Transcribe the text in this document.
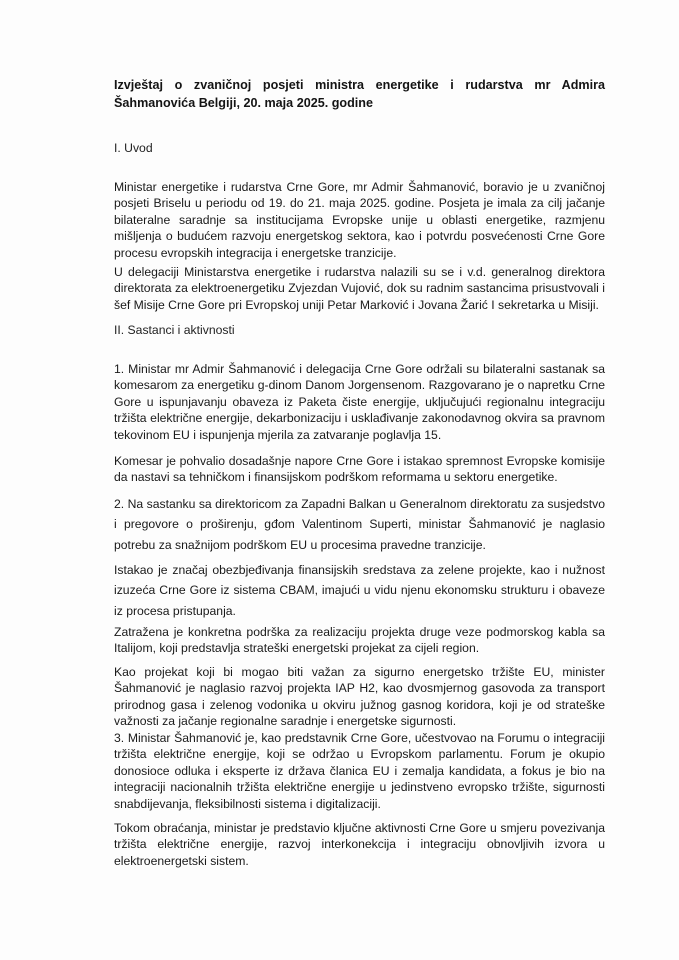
Izvještaj o zvaničnoj posjeti ministra energetike i rudarstva mr Admira Šahmanovića Belgiji, 20. maja 2025. godine

I. Uvod

Ministar energetike i rudarstva Crne Gore, mr Admir Šahmanović, boravio je u zvaničnoj posjeti Briselu u periodu od 19. do 21. maja 2025. godine. Posjeta je imala za cilj jačanje bilateralne saradnje sa institucijama Evropske unije u oblasti energetike, razmjenu mišljenja o budućem razvoju energetskog sektora, kao i potvrdu posvećenosti Crne Gore procesu evropskih integracija i energetske tranzicije.

U delegaciji Ministarstva energetike i rudarstva nalazili su se i v.d. generalnog direktora direktorata za elektroenergetiku Zvjezdan Vujović, dok su radnim sastancima prisustvovali i šef Misije Crne Gore pri Evropskoj uniji Petar Marković i Jovana Žarić I sekretarka u Misiji.

II. Sastanci i aktivnosti

1. Ministar mr Admir Šahmanović i delegacija Crne Gore održali su bilateralni sastanak sa komesarom za energetiku g-dinom Danom Jorgensenom. Razgovarano je o napretku Crne Gore u ispunjavanju obaveza iz Paketa čiste energije, uključujući regionalnu integraciju tržišta električne energije, dekarbonizaciju i usklađivanje zakonodavnog okvira sa pravnom tekovinom EU i ispunjenja mjerila za zatvaranje poglavlja 15.

Komesar je pohvalio dosadašnje napore Crne Gore i istakao spremnost Evropske komisije da nastavi sa tehničkom i finansijskom podrškom reformama u sektoru energetike.

2. Na sastanku sa direktoricom za Zapadni Balkan u Generalnom direktoratu za susjedstvo i pregovore o proširenju, gđom Valentinom Superti, ministar Šahmanović je naglasio potrebu za snažnijom podrškom EU u procesima pravedne tranzicije.

Istakao je značaj obezbjeđivanja finansijskih sredstava za zelene projekte, kao i nužnost izuzeća Crne Gore iz sistema CBAM, imajući u vidu njenu ekonomsku strukturu i obaveze iz procesa pristupanja.

Zatražena je konkretna podrška za realizaciju projekta druge veze podmorskog kabla sa Italijom, koji predstavlja strateški energetski projekat za cijeli region.

Kao projekat koji bi mogao biti važan za sigurno energetsko tržište EU, minister Šahmanović je naglasio razvoj projekta IAP H2, kao dvosmjernog gasovoda za transport prirodnog gasa i zelenog vodonika u okviru južnog gasnog koridora, koji je od strateške važnosti za jačanje regionalne saradnje i energetske sigurnosti.

3. Ministar Šahmanović je, kao predstavnik Crne Gore, učestvovao na Forumu o integraciji tržišta električne energije, koji se održao u Evropskom parlamentu. Forum je okupio donosioce odluka i eksperte iz država članica EU i zemalja kandidata, a fokus je bio na integraciji nacionalnih tržišta električne energije u jedinstveno evropsko tržište, sigurnosti snabdijevanja, fleksibilnosti sistema i digitalizaciji.

Tokom obraćanja, ministar je predstavio ključne aktivnosti Crne Gore u smjeru povezivanja tržišta električne energije, razvoj interkonekcija i integraciju obnovljivih izvora u elektroenergetski sistem.
